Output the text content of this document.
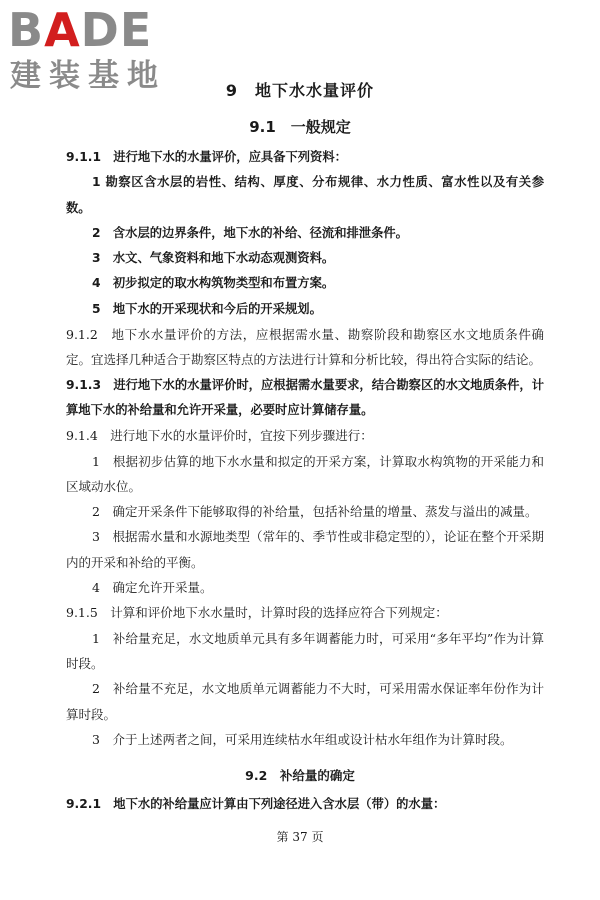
BADE
建装基地	9　地下水水量评价
9.1　一般规定

9.1.1　进行地下水的水量评价，应具备下列资料：

1 勘察区含水层的岩性、结构、厚度、分布规律、水力性质、富水性以及有关参数。

2　含水层的边界条件，地下水的补给、径流和排泄条件。

3　水文、气象资料和地下水动态观测资料。

4　初步拟定的取水构筑物类型和布置方案。

5　地下水的开采现状和今后的开采规划。

9.1.2　地下水水量评价的方法，应根据需水量、勘察阶段和勘察区水文地质条件确定。宜选择几种适合于勘察区特点的方法进行计算和分析比较，得出符合实际的结论。

9.1.3　进行地下水的水量评价时，应根据需水量要求，结合勘察区的水文地质条件，计算地下水的补给量和允许开采量，必要时应计算储存量。

9.1.4　进行地下水的水量评价时，宜按下列步骤进行：

1　根据初步估算的地下水水量和拟定的开采方案，计算取水构筑物的开采能力和区域动水位。

2　确定开采条件下能够取得的补给量，包括补给量的增量、蒸发与溢出的减量。

3　根据需水量和水源地类型（常年的、季节性或非稳定型的），论证在整个开采期内的开采和补给的平衡。

4　确定允许开采量。

9.1.5　计算和评价地下水水量时，计算时段的选择应符合下列规定：

1　补给量充足，水文地质单元具有多年调蓄能力时，可采用“多年平均”作为计算时段。

2　补给量不充足，水文地质单元调蓄能力不大时，可采用需水保证率年份作为计算时段。

3　介于上述两者之间，可采用连续枯水年组或设计枯水年组作为计算时段。

9.2　补给量的确定
9.2.1　地下水的补给量应计算由下列途径进入含水层（带）的水量：
第 37 页
